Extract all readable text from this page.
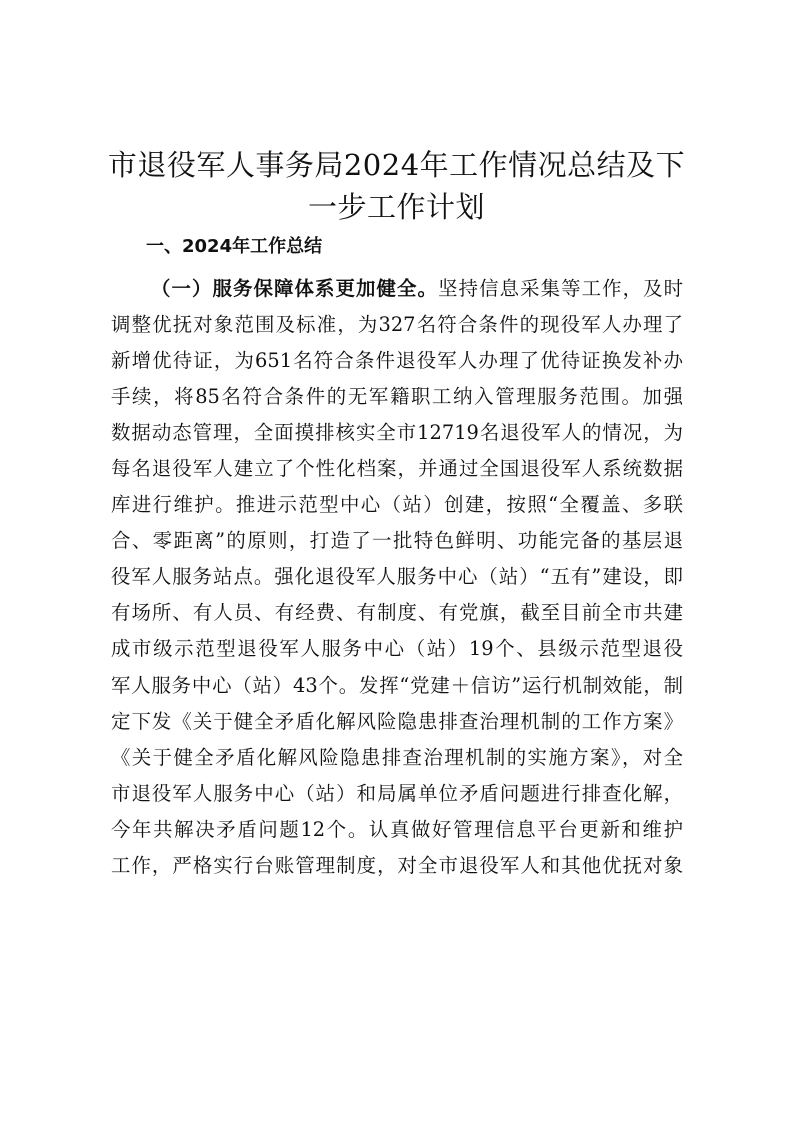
市退役军人事务局2024年工作情况总结及下
一步工作计划
一、2024年工作总结
（一）服务保障体系更加健全。坚持信息采集等工作，及时
调整优抚对象范围及标准，为327名符合条件的现役军人办理了
新增优待证，为651名符合条件退役军人办理了优待证换发补办
手续，将85名符合条件的无军籍职工纳入管理服务范围。加强
数据动态管理，全面摸排核实全市12719名退役军人的情况，为
每名退役军人建立了个性化档案，并通过全国退役军人系统数据
库进行维护。推进示范型中心（站）创建，按照“全覆盖、多联
合、零距离”的原则，打造了一批特色鲜明、功能完备的基层退
役军人服务站点。强化退役军人服务中心（站）“五有”建设，即
有场所、有人员、有经费、有制度、有党旗，截至目前全市共建
成市级示范型退役军人服务中心（站）19个、县级示范型退役
军人服务中心（站）43个。发挥“党建＋信访”运行机制效能，制
定下发《关于健全矛盾化解风险隐患排查治理机制的工作方案》
《关于健全矛盾化解风险隐患排查治理机制的实施方案》，对全
市退役军人服务中心（站）和局属单位矛盾问题进行排查化解，
今年共解决矛盾问题12个。认真做好管理信息平台更新和维护
工作，严格实行台账管理制度，对全市退役军人和其他优抚对象
